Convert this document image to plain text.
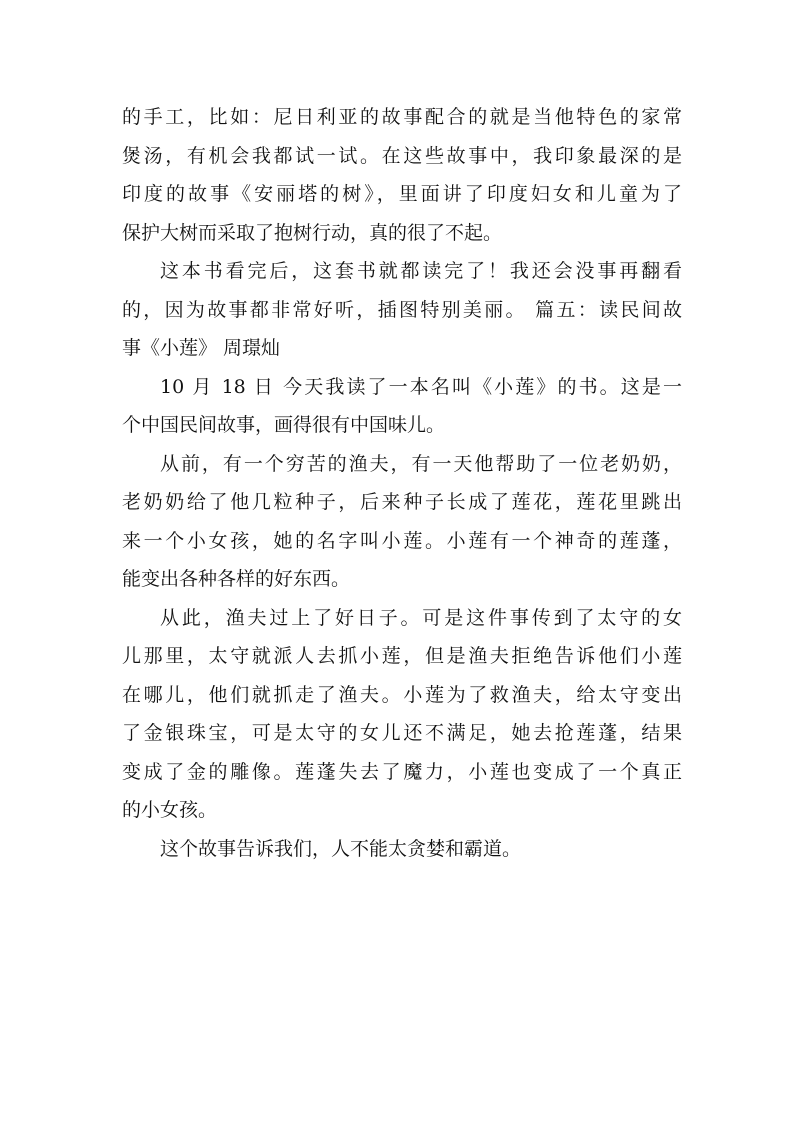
的手工，比如：尼日利亚的故事配合的就是当他特色的家常
煲汤，有机会我都试一试。在这些故事中，我印象最深的是
印度的故事《安丽塔的树》，里面讲了印度妇女和儿童为了
保护大树而采取了抱树行动，真的很了不起。
这本书看完后，这套书就都读完了！我还会没事再翻看
的，因为故事都非常好听，插图特别美丽。 篇五：读民间故
事《小莲》 周璟灿
10 月 18 日 今天我读了一本名叫《小莲》的书。这是一
个中国民间故事，画得很有中国味儿。
从前，有一个穷苦的渔夫，有一天他帮助了一位老奶奶，
老奶奶给了他几粒种子，后来种子长成了莲花，莲花里跳出
来一个小女孩，她的名字叫小莲。小莲有一个神奇的莲蓬，
能变出各种各样的好东西。
从此，渔夫过上了好日子。可是这件事传到了太守的女
儿那里，太守就派人去抓小莲，但是渔夫拒绝告诉他们小莲
在哪儿，他们就抓走了渔夫。小莲为了救渔夫，给太守变出
了金银珠宝，可是太守的女儿还不满足，她去抢莲蓬，结果
变成了金的雕像。莲蓬失去了魔力，小莲也变成了一个真正
的小女孩。
这个故事告诉我们，人不能太贪婪和霸道。
